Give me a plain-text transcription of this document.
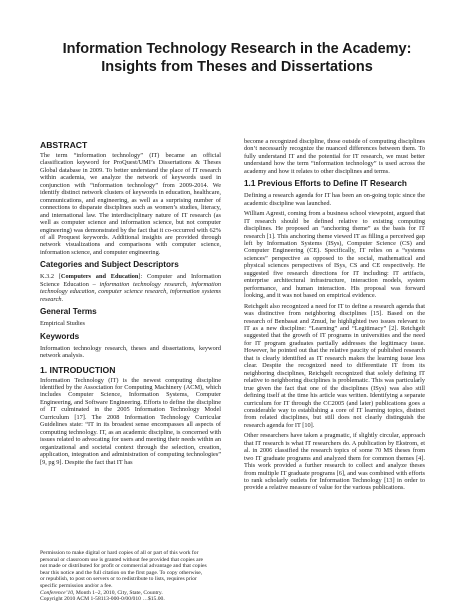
Information Technology Research in the Academy:
Insights from Theses and Dissertations
ABSTRACT

The term “information technology” (IT) became an official classification keyword for ProQuest/UMI’s Dissertations & Theses Global database in 2009. To better understand the place of IT research within academia, we analyze the network of keywords used in conjunction with “information technology” from 2009-2014. We identify distinct network clusters of keywords in education, healthcare, communications, and engineering, as well as a surprising number of connections to disparate disciplines such as women’s studies, literacy, and international law. The interdisciplinary nature of IT research (as well as computer science and information science, but not computer engineering) was demonstrated by the fact that it co-occurred with 62% of all Proquest keywords. Additional insights are provided through network visualizations and comparisons with computer science, information science, and computer engineering.

Categories and Subject Descriptors

K.3.2 [Computers and Education]: Computer and Information Science Education – information technology research, information technology education, computer science research, information systems research.

General Terms

Empirical Studies

Keywords

Information technology research, theses and dissertations, keyword network analysis.

1. INTRODUCTION

Information Technology (IT) is the newest computing discipline identified by the Association for Computing Machinery (ACM), which includes Computer Science, Information Systems, Computer Engineering, and Software Engineering. Efforts to define the discipline of IT culminated in the 2005 Information Technology Model Curriculum [17]. The 2008 Information Technology Curricular Guidelines state: “IT in its broadest sense encompasses all aspects of computing technology. IT, as an academic discipline, is concerned with issues related to advocating for users and meeting their needs within an organizational and societal context through the selection, creation, application, integration and administration of computing technologies” [9, pg 9]. Despite the fact that IT has

Permission to make digital or hard copies of all or part of this work for
personal or classroom use is granted without fee provided that copies are
not made or distributed for profit or commercial advantage and that copies
bear this notice and the full citation on the first page. To copy otherwise,
or republish, to post on servers or to redistribute to lists, requires prior
specific permission and/or a fee.
Conference’10, Month 1–2, 2010, City, State, Country.
Copyright 2010 ACM 1-58113-000-0/00/010 …$15.00.

become a recognized discipline, those outside of computing disciplines don’t necessarily recognize the nuanced differences between them. To fully understand IT and the potential for IT research, we must better understand how the term “information technology” is used across the academy and how it relates to other disciplines and terms.

1.1 Previous Efforts to Define IT Research

Defining a research agenda for IT has been an on-going topic since the academic discipline was launched.

William Agresti, coming from a business school viewpoint, argued that IT research should be defined relative to existing computing disciplines. He proposed an “anchoring theme” as the basis for IT research [1]. This anchoring theme viewed IT as filling a perceived gap left by Information Systems (ISys), Computer Science (CS) and Computer Engineering (CE). Specifically, IT relies on a “systems sciences” perspective as opposed to the social, mathematical and physical sciences perspectives of ISys, CS and CE respectively. He suggested five research directions for IT including: IT artifacts, enterprise architectural infrastructure, interaction models, system performance, and human interaction. His proposal was forward looking, and it was not based on empirical evidence.

Reichgelt also recognized a need for IT to define a research agenda that was distinctive from neighboring disciplines [15]. Based on the research of Benbasat and Zmud, he highlighted two issues relevant to IT as a new discipline: “Learning” and “Legitimacy” [2]. Reichgelt suggested that the growth of IT programs in universities and the need for IT program graduates partially addresses the legitimacy issue. However, he pointed out that the relative paucity of published research that is clearly identified as IT research makes the learning issue less clear. Despite the recognized need to differentiate IT from its neighboring disciplines, Reichgelt recognized that solely defining IT relative to neighboring disciplines is problematic. This was particularly true given the fact that one of the disciplines (ISys) was also still defining itself at the time his article was written. Identifying a separate curriculum for IT through the CC2005 (and later) publications goes a considerable way to establishing a core of IT learning topics, distinct from related disciplines, but still does not clearly distinguish the research agenda for IT [10].

Other researchers have taken a pragmatic, if slightly circular, approach that IT research is what IT researchers do. A publication by Ekstrom, et al. in 2006 classified the research topics of some 70 MS theses from two IT graduate programs and analyzed them for common themes [4]. This work provided a further research to collect and analyze theses from multiple IT graduate programs [6], and was combined with efforts to rank scholarly outlets for Information Technology [13] in order to provide a relative measure of value for the various publications.
